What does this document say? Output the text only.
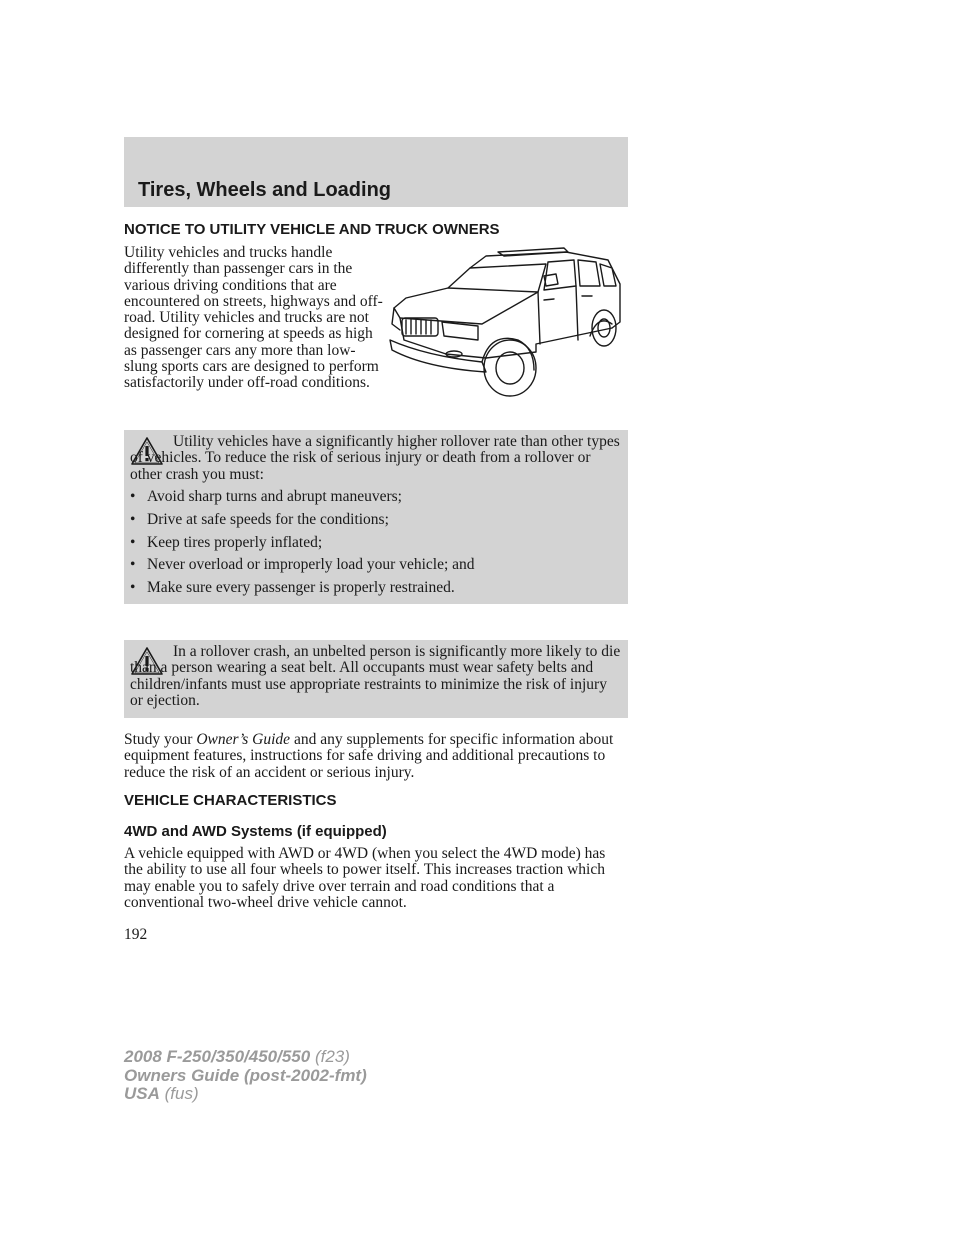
Tires, Wheels and Loading
NOTICE TO UTILITY VEHICLE AND TRUCK OWNERS

Utility vehicles and trucks handle differently than passenger cars in the various driving conditions that are encountered on streets, highways and off-road. Utility vehicles and trucks are not designed for cornering at speeds as high as passenger cars any more than low-slung sports cars are designed to perform satisfactorily under off-road conditions.

Utility vehicles have a significantly higher rollover rate than other types of vehicles. To reduce the risk of serious injury or death from a rollover or other crash you must:

• Avoid sharp turns and abrupt maneuvers;
• Drive at safe speeds for the conditions;
• Keep tires properly inflated;
• Never overload or improperly load your vehicle; and
• Make sure every passenger is properly restrained.

In a rollover crash, an unbelted person is significantly more likely to die than a person wearing a seat belt. All occupants must wear safety belts and children/infants must use appropriate restraints to minimize the risk of injury or ejection.

Study your Owner’s Guide and any supplements for specific information about equipment features, instructions for safe driving and additional precautions to reduce the risk of an accident or serious injury.

VEHICLE CHARACTERISTICS
4WD and AWD Systems (if equipped)

A vehicle equipped with AWD or 4WD (when you select the 4WD mode) has the ability to use all four wheels to power itself. This increases traction which may enable you to safely drive over terrain and road conditions that a conventional two-wheel drive vehicle cannot.

192

2008 F-250/350/450/550 (f23)
Owners Guide (post-2002-fmt)
USA (fus)
